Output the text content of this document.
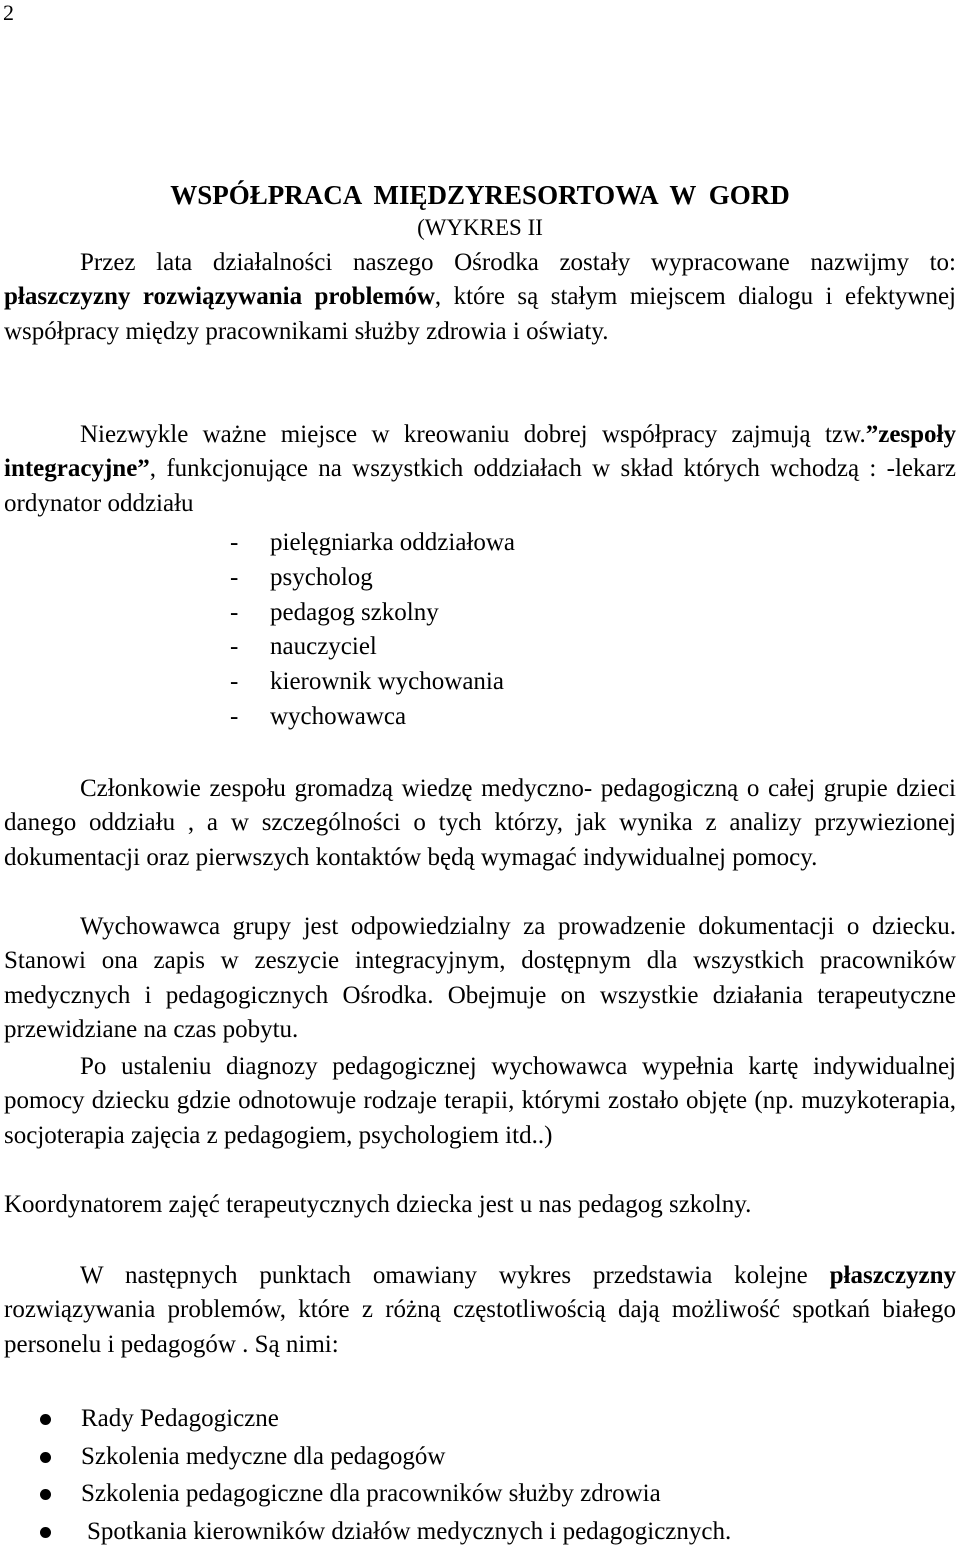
2
WSPÓŁPRACA MIĘDZYRESORTOWA W GORD
(WYKRES II

Przez lata działalności naszego Ośrodka zostały wypracowane nazwijmy to: płaszczyzny rozwiązywania problemów, które są stałym miejscem dialogu i efektywnej współpracy między pracownikami służby zdrowia i oświaty.

Niezwykle ważne miejsce w kreowaniu dobrej współpracy zajmują tzw.”zespoły integracyjne”, funkcjonujące na wszystkich oddziałach w skład których wchodzą : -lekarz ordynator oddziału

- pielęgniarka oddziałowa
- psycholog
- pedagog szkolny
- nauczyciel
- kierownik wychowania
- wychowawca

Członkowie zespołu gromadzą wiedzę medyczno- pedagogiczną o całej grupie dzieci danego oddziału , a w szczególności o tych którzy, jak wynika z analizy przywiezionej dokumentacji oraz pierwszych kontaktów będą wymagać indywidualnej pomocy.

Wychowawca grupy jest odpowiedzialny za prowadzenie dokumentacji o dziecku. Stanowi ona zapis w zeszycie integracyjnym, dostępnym dla wszystkich pracowników medycznych i pedagogicznych Ośrodka. Obejmuje on wszystkie działania terapeutyczne przewidziane na czas pobytu.

Po ustaleniu diagnozy pedagogicznej wychowawca wypełnia kartę indywidualnej pomocy dziecku gdzie odnotowuje rodzaje terapii, którymi zostało objęte (np. muzykoterapia, socjoterapia zajęcia z pedagogiem, psychologiem itd..)

Koordynatorem zajęć terapeutycznych dziecka jest u nas pedagog szkolny.

W następnych punktach omawiany wykres przedstawia kolejne płaszczyzny rozwiązywania problemów, które z różną częstotliwością dają możliwość spotkań białego personelu i pedagogów . Są nimi:

Rady Pedagogiczne
Szkolenia medyczne dla pedagogów
Szkolenia pedagogiczne dla pracowników służby zdrowia
Spotkania kierowników działów medycznych i pedagogicznych.
